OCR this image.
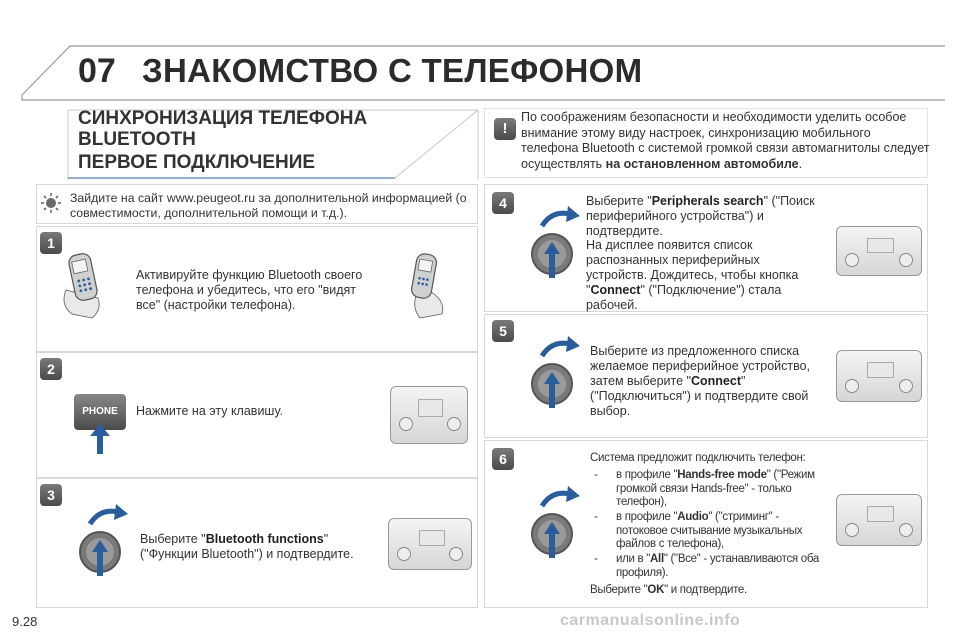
07 ЗНАКОМСТВО С ТЕЛЕФОНОМ
СИНХРОНИЗАЦИЯ ТЕЛЕФОНА BLUETOOTH
ПЕРВОЕ ПОДКЛЮЧЕНИЕ
!
По соображениям безопасности и необходимости уделить особое внимание этому виду настроек, синхронизацию мобильного телефона Bluetooth с системой громкой связи автомагнитолы следует осуществлять на остановленном автомобиле.
Зайдите на сайт www.peugeot.ru за дополнительной информацией (о совместимости, дополнительной помощи и т.д.).
1
Активируйте функцию Bluetooth своего телефона и убедитесь, что его "видят все" (настройки телефона).
2
PHONE	Нажмите на эту клавишу.
3
Выберите "Bluetooth functions" ("Функции Bluetooth") и подтвердите.
4	Выберите "Peripherals search" ("Поиск периферийного устройства") и подтвердите.
На дисплее появится список распознанных периферийных устройств. Дождитесь, чтобы кнопка "Connect" ("Подключение") стала рабочей.
5
Выберите из предложенного списка желаемое периферийное устройство, затем выберите "Connect" ("Подключиться") и подтвердите свой выбор.
6	Система предложит подключить телефон:
- в профиле "Hands-free mode" ("Режим громкой связи Hands-free" - только телефон),
- в профиле "Audio" ("стриминг" - потоковое считывание музыкальных файлов с телефона),
- или в "All" ("Все" - устанавливаются оба профиля).
Выберите "OK" и подтвердите.
9.28	carmanualsonline.info
